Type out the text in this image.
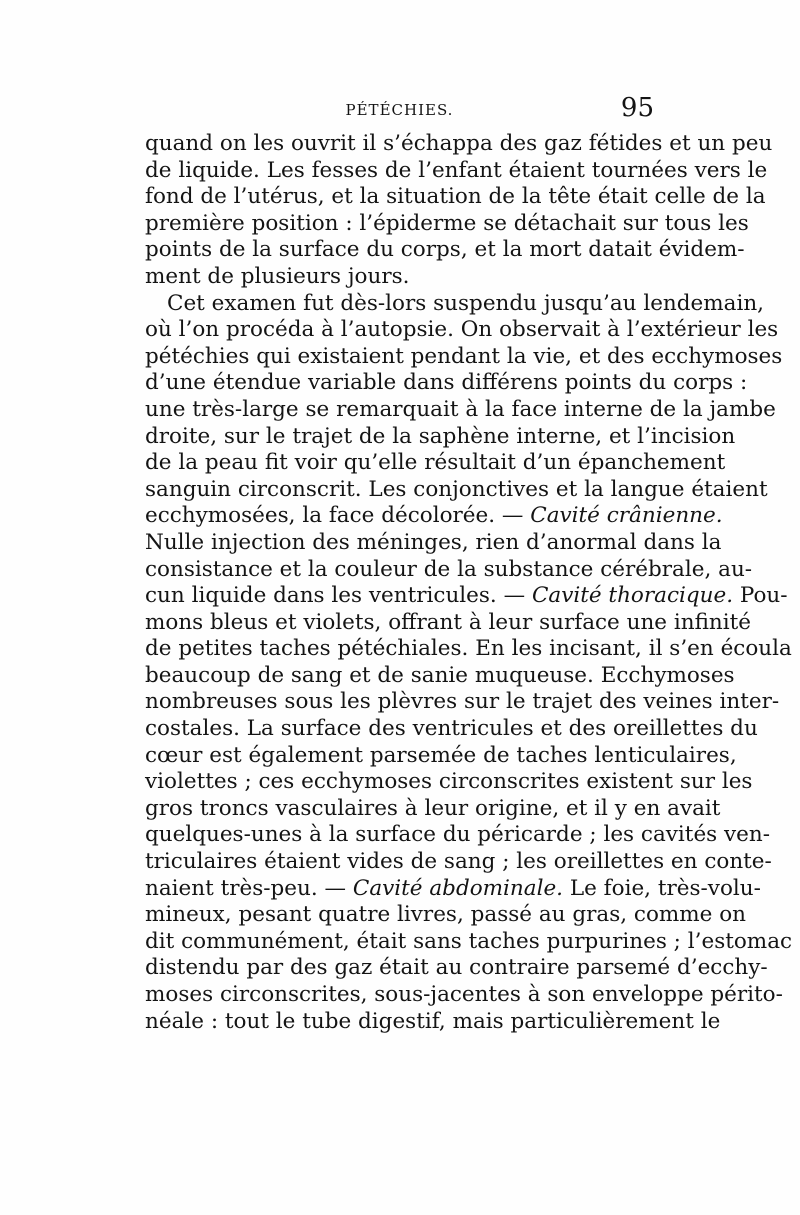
PÉTÉCHIES.	95
quand on les ouvrit il s’échappa des gaz fétides et un peu
de liquide. Les fesses de l’enfant étaient tournées vers le
fond de l’utérus, et la situation de la tête était celle de la
première position : l’épiderme se détachait sur tous les
points de la surface du corps, et la mort datait évidem-
ment de plusieurs jours.
Cet examen fut dès-lors suspendu jusqu’au lendemain,
où l’on procéda à l’autopsie. On observait à l’extérieur les
pétéchies qui existaient pendant la vie, et des ecchymoses
d’une étendue variable dans différens points du corps :
une très-large se remarquait à la face interne de la jambe
droite, sur le trajet de la saphène interne, et l’incision
de la peau fit voir qu’elle résultait d’un épanchement
sanguin circonscrit. Les conjonctives et la langue étaient
ecchymosées, la face décolorée. — Cavité crânienne.
Nulle injection des méninges, rien d’anormal dans la
consistance et la couleur de la substance cérébrale, au-
cun liquide dans les ventricules. — Cavité thoracique. Pou-
mons bleus et violets, offrant à leur surface une infinité
de petites taches pétéchiales. En les incisant, il s’en écoula
beaucoup de sang et de sanie muqueuse. Ecchymoses
nombreuses sous les plèvres sur le trajet des veines inter-
costales. La surface des ventricules et des oreillettes du
cœur est également parsemée de taches lenticulaires,
violettes ; ces ecchymoses circonscrites existent sur les
gros troncs vasculaires à leur origine, et il y en avait
quelques-unes à la surface du péricarde ; les cavités ven-
triculaires étaient vides de sang ; les oreillettes en conte-
naient très-peu. — Cavité abdominale. Le foie, très-volu-
mineux, pesant quatre livres, passé au gras, comme on
dit communément, était sans taches purpurines ; l’estomac
distendu par des gaz était au contraire parsemé d’ecchy-
moses circonscrites, sous-jacentes à son enveloppe périto-
néale : tout le tube digestif, mais particulièrement le
